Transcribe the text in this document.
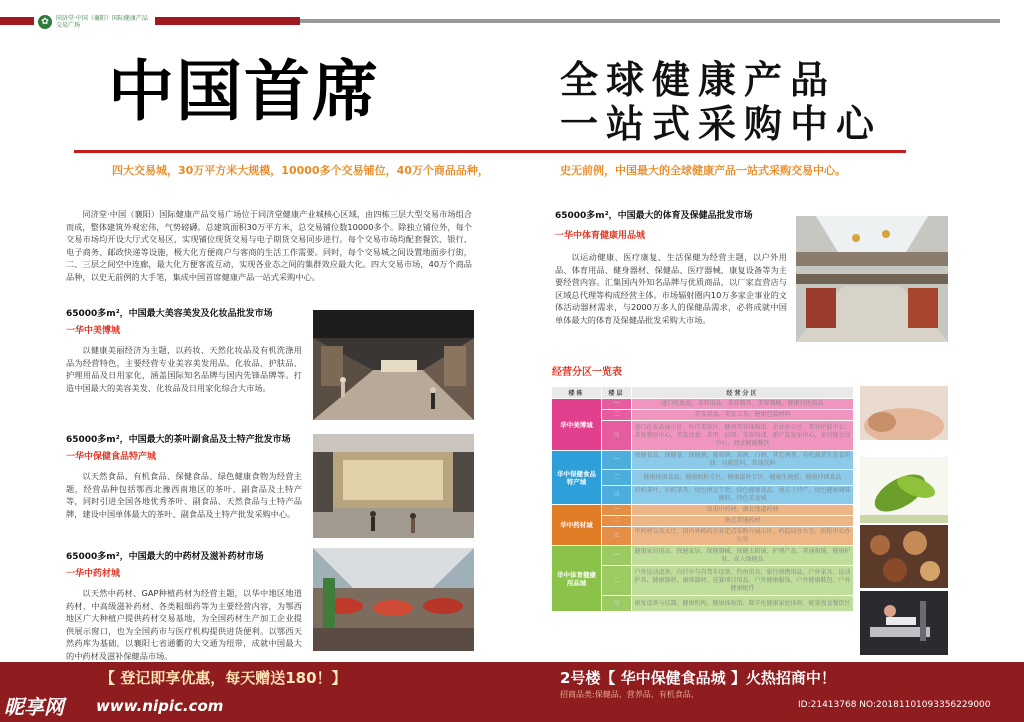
✿	同济堂·中国（襄阳）国际健康产品交易广场
中国首席	全球健康产品
一站式采购中心
四大交易城，30万平方米大规模，10000多个交易铺位，40万个商品品种，	史无前例，中国最大的全球健康产品一站式采购交易中心。
同济堂·中国（襄阳）国际健康产品交易广场位于同济堂健康产业城核心区域，由四栋三层大型交易市场组合而成，整体建筑外观宏伟，气势磅礴。总建筑面积30万平方米，总交易铺位数10000多个。除独立铺位外，每个交易市场均开设大厅式交易区，实现铺位现货交易与电子期货交易同步进行。每个交易市场均配套餐饮、银行、电子商务、邮政快递等设施，极大化方便商户与客商的生活工作需要。同时，每个交易城之间设置地面步行街，二、三层之间空中连廊，最大化方便客流互动，实现各业态之间的集群效应最大化。四大交易市场，40万个商品品种，以史无前例的大手笔，集成中国首席健康产品一站式采购中心。
65000多m²，中国最大美容美发及化妆品批发市场
一华中美博城
以健康美丽经济为主题，以药妆、天然化妆品及有机洗涤用品为经营特色，主要经营专业美容美发用品、化妆品、护肤品、护理用品及日用家化，涵盖国际知名品牌与国内先锋品牌等。打造中国最大的美容美发、化妆品及日用家化综合大市场。
65000多m²，中国最大的茶叶副食品及土特产批发市场
一华中保健食品特产城
以天然食品、有机食品、保健食品、绿色健康食物为经营主题，经营品种包括鄂西北豫西南地区的茶叶、副食品及土特产等，同时引进全国各地优秀茶叶、副食品、天然食品与土特产品牌，建设中国单体最大的茶叶、副食品及土特产批发采购中心。
65000多m²，中国最大的中药材及滋补药材市场
一华中药材城
以天然中药材、GAP种植药材为经营主题，以华中地区地道药材、中高级滋补药材、各类粗细药等为主要经营内容，为鄂西地区广大种植户提供药材交易基地，为全国药材生产加工企业提供展示窗口，也为全国药市与医疗机构提供进货便利。以鄂西天然药库为基础，以襄阳七省通衢的大交通为纽带，成就中国最大的中药材及滋补保健品市场。
65000多m²，中国最大的体育及保健品批发市场
一华中体育健康用品城
以运动健康、医疗康复、生活保健为经营主题，以户外用品、体育用品、健身器材、保健品、医疗器械、康复设备等为主要经营内容。汇集国内外知名品牌与优质商品，以厂家直营店与区域总代理等构成经营主体。市场辐射圈内10万多家企事业的文体活动器材需求，与2000万多人的保健品需求，必将成就中国单体最大的体育及保健品批发采购大市场。
经营分区一览表
楼栋	楼层	经营分区
华中美博城	一	进口化妆品、美容用品、美容器具、美容器械、健康日化用品
	二	美发用品、美发工具、健康包装材料
	三	进口化妆品展示区、医疗美容区、健康美容体验馆、企业办公区、美容护肤中心、美容整形中心、美发沙龙、美甲、纹绣、美容培训、新产品发布中心、多功能会议中心、西式健康餐饮
华中保健食品特产城	一	保健食品、保健茶、保健酒、葡萄酒、黄酒、白酒、其它酒类、有机蔬菜生态食用油、功能饮料、普通饮料
	二	健康休闲食品、健康奶粉专区、健康滋补专区、健康生便派、健康冲调食品
	三	有机茶叶、有机茶具、绿色南北干货、绿色健康食品、地方土特产、绿色健康调味调料、特色美食城
华中药材城	一	贵重中药材、湖北地道药材
	二	南北普通药材
	三	中药材交易大厅、国内外药药企业定点采购与展示区、药监局办公室、质检中心办公室
华中体育健康用品城	一	健康家居用品、保健家居、保健器械、保健太阳镜、护理产品、普通眼镜、健康护肤、成人保健品
	二	户外运动设备、自行车与自驾车设备、钓鱼用具、旅行便携用品、户外家具、运动护具、健康器材、康体器材、竞赛项目用品、户外健康服饰、户外健康鞋包、户外健康配件
	三	康复设备与仪器、健康机构、健康体验馆、数字化健康家庭体验、能量漫食餐饮区
【 登记即享优惠，每天赠送180！】	2号楼【 华中保健食品城 】火热招商中！
招商品类:保健品、营养品、有机食品、
昵享网 www.nipic.com	ID:21413768 NO:20181101093356229000
